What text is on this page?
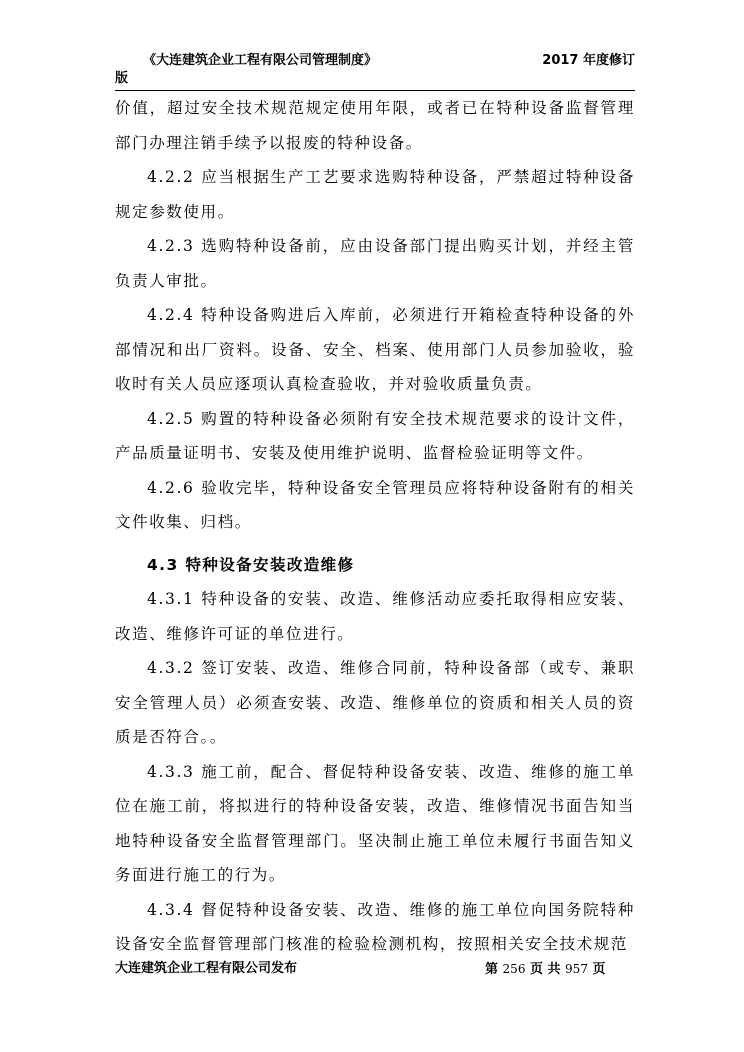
《大连建筑企业工程有限公司管理制度》	2017 年度修订
版

价值，超过安全技术规范规定使用年限，或者已在特种设备监督管理部门办理注销手续予以报废的特种设备。

4.2.2 应当根据生产工艺要求选购特种设备，严禁超过特种设备规定参数使用。

4.2.3 选购特种设备前，应由设备部门提出购买计划，并经主管负责人审批。

4.2.4 特种设备购进后入库前，必须进行开箱检查特种设备的外部情况和出厂资料。设备、安全、档案、使用部门人员参加验收，验收时有关人员应逐项认真检查验收，并对验收质量负责。

4.2.5 购置的特种设备必须附有安全技术规范要求的设计文件，产品质量证明书、安装及使用维护说明、监督检验证明等文件。

4.2.6 验收完毕，特种设备安全管理员应将特种设备附有的相关文件收集、归档。

4.3 特种设备安装改造维修

4.3.1 特种设备的安装、改造、维修活动应委托取得相应安装、改造、维修许可证的单位进行。

4.3.2 签订安装、改造、维修合同前，特种设备部（或专、兼职安全管理人员）必须查安装、改造、维修单位的资质和相关人员的资质是否符合。。

4.3.3 施工前，配合、督促特种设备安装、改造、维修的施工单位在施工前，将拟进行的特种设备安装，改造、维修情况书面告知当地特种设备安全监督管理部门。坚决制止施工单位未履行书面告知义务面进行施工的行为。

4.3.4 督促特种设备安装、改造、维修的施工单位向国务院特种设备安全监督管理部门核准的检验检测机构，按照相关安全技术规范

大连建筑企业工程有限公司发布	第 256 页 共 957 页
